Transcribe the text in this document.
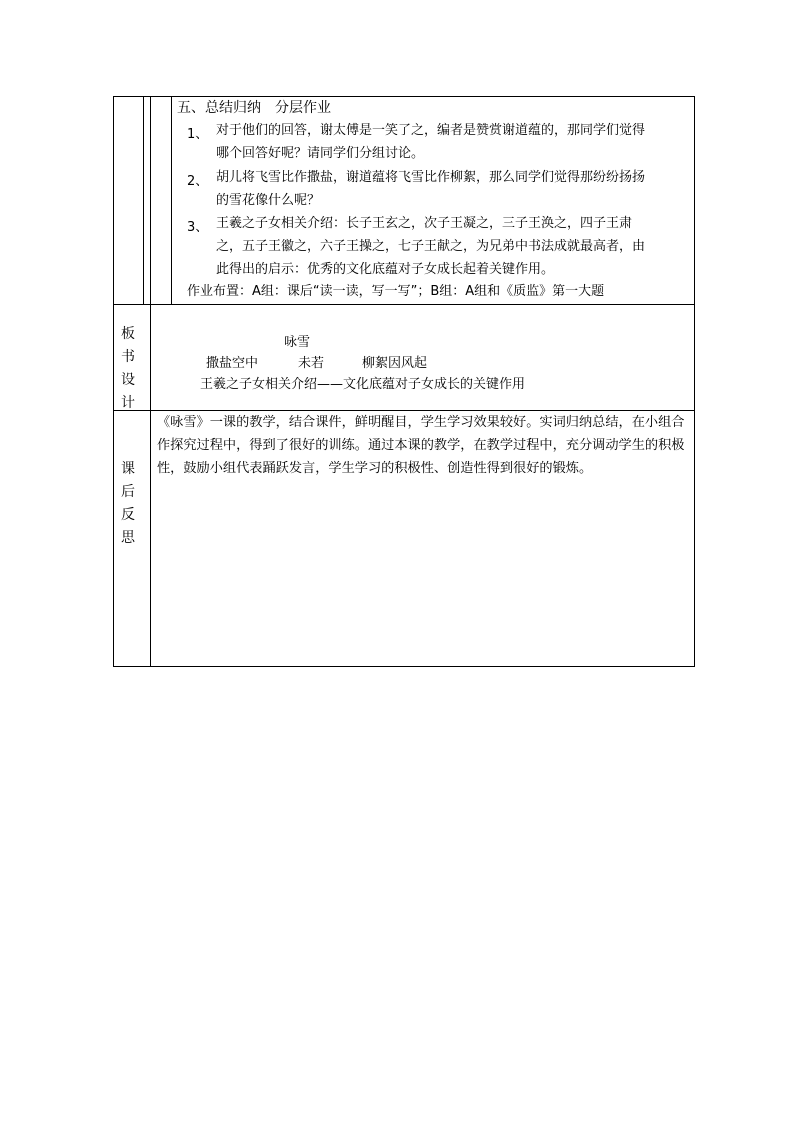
五、总结归纳　分层作业
1、 对于他们的回答，谢太傅是一笑了之，编者是赞赏谢道蕴的，那同学们觉得
哪个回答好呢？请同学们分组讨论。
2、 胡儿将飞雪比作撒盐，谢道蕴将飞雪比作柳絮，那么同学们觉得那纷纷扬扬
的雪花像什么呢？
3、 王羲之子女相关介绍：长子王玄之，次子王凝之，三子王涣之，四子王肃
之，五子王徽之，六子王操之，七子王献之，为兄弟中书法成就最高者，由
此得出的启示：优秀的文化底蕴对子女成长起着关键作用。
作业布置：A组：课后“读一读，写一写”；B组：A组和《质监》第一大题
板
书
设
计
咏雪
撒盐空中	未若	柳絮因风起
王羲之子女相关介绍——文化底蕴对子女成长的关键作用
课
后
反
思
《咏雪》一课的教学，结合课件，鲜明醒目，学生学习效果较好。实词归纳总结，在小组合作探究过程中，得到了很好的训练。通过本课的教学，在教学过程中，充分调动学生的积极性，鼓励小组代表踊跃发言，学生学习的积极性、创造性得到很好的锻炼。
